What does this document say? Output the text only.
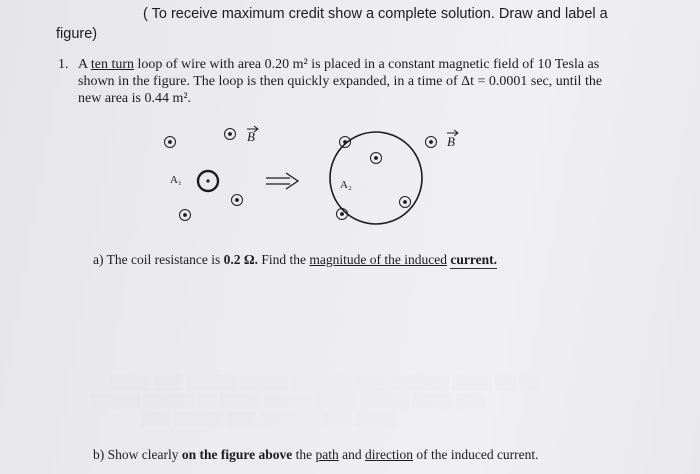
( To receive maximum credit show a complete solution. Draw and label a
figure)
1. A ten turn loop of wire with area 0.20 m² is placed in a constant magnetic field of 10 Tesla as
shown in the figure. The loop is then quickly expanded, in a time of Δt = 0.0001 sec, until the
new area is 0.44 m².
B	B
A₁	A₂
a) The coil resistance is 0.2 Ω. Find the magnitude of the induced current.
░░░░ ░░░ ░░░░░ ░░░░░ ░░░░░░ ░░░ ░░░░░░ ░░░░ ░░ ░░
░░░░░ ░░░░░ ░░ ░░░░ ░░░░░ ░░░░ ░░░░░ ░░░░ ░░░
░░░ ░░░░░ ░░░ ░░░░░░ ░░░ ░░░░
b) Show clearly on the figure above the path and direction of the induced current.
